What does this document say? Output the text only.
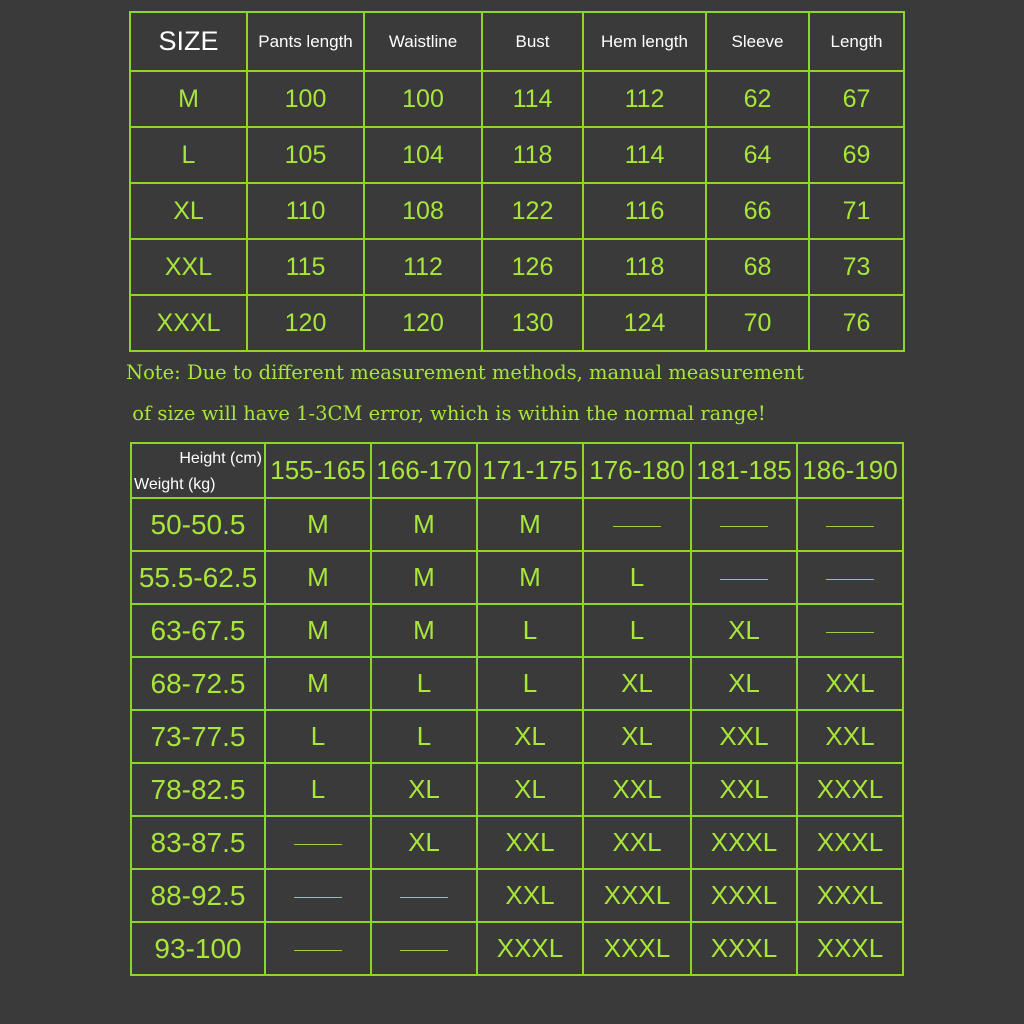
SIZE	Pants length	Waistline	Bust	Hem length	Sleeve	Length
M	100	100	114	112	62	67
L	105	104	118	114	64	69
XL	110	108	122	116	66	71
XXL	115	112	126	118	68	73
XXXL	120	120	130	124	70	76
Note: Due to different measurement methods, manual measurement
of size will have 1-3CM error, which is within the normal range!
Height (cm)
Weight (kg)	155-165	166-170	171-175	176-180	181-185	186-190
50-50.5	M	M	M			
55.5-62.5	M	M	M	L		
63-67.5	M	M	L	L	XL	
68-72.5	M	L	L	XL	XL	XXL
73-77.5	L	L	XL	XL	XXL	XXL
78-82.5	L	XL	XL	XXL	XXL	XXXL
83-87.5		XL	XXL	XXL	XXXL	XXXL
88-92.5			XXL	XXXL	XXXL	XXXL
93-100			XXXL	XXXL	XXXL	XXXL
